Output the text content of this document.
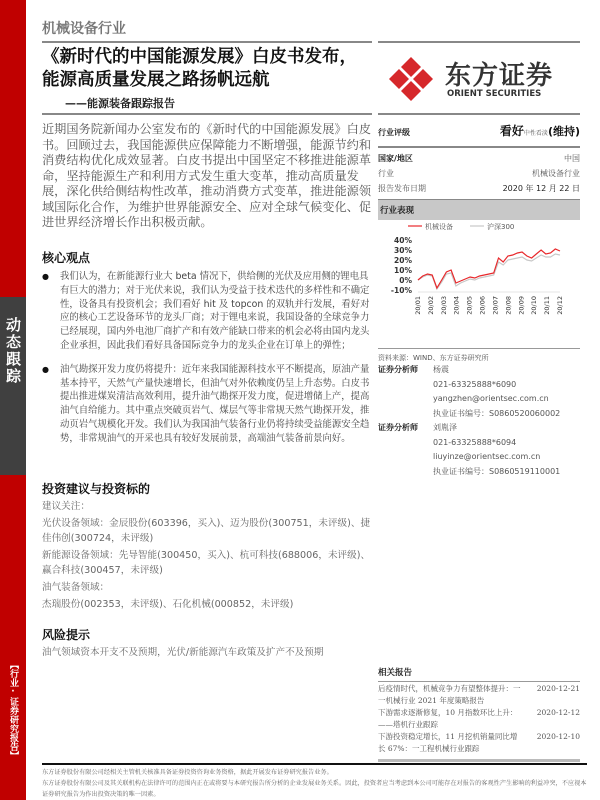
动态跟踪
【行业·证券研究报告】
机械设备行业
《新时代的中国能源发展》白皮书发布，
能源高质量发展之路扬帆远航
——能源装备跟踪报告
东方证券
ORIENT SECURITIES
近期国务院新闻办公室发布的《新时代的中国能源发展》白皮书。回顾过去，我国能源供应保障能力不断增强，能源节约和消费结构优化成效显著。白皮书提出中国坚定不移推进能源革命，坚持能源生产和利用方式发生重大变革，推动高质量发展，深化供给侧结构性改革，推动消费方式变革，推进能源领域国际化合作，为维护世界能源安全、应对全球气候变化、促进世界经济增长作出积极贡献。
核心观点
● 我们认为，在新能源行业大 beta 情况下，供给侧的光伏及应用侧的锂电具有巨大的潜力；对于光伏来说，我们认为受益于技术迭代的多样性和不确定性，设备具有投资机会；我们看好 hit 及 topcon 的双轨并行发展，看好对应的核心工艺设备环节的龙头厂商；对于锂电来说，我国设备的全球竞争力已经展现，国内外电池厂商扩产和有效产能缺口带来的机会必将由国内龙头企业承担，因此我们看好具备国际竞争力的龙头企业在订单上的弹性；
● 油气勘探开发力度仍将提升：近年来我国能源科技水平不断提高，原油产量基本持平，天然气产量快速增长，但油气对外依赖度仍呈上升态势。白皮书提出推进煤炭清洁高效利用，提升油气勘探开发力度，促进增储上产，提高油气自给能力。其中重点突破页岩气、煤层气等非常规天然气勘探开发，推动页岩气规模化开发。我们认为我国油气装备行业仍将持续受益能源安全趋势，非常规油气的开采也具有较好发展前景，高端油气装备前景向好。
投资建议与投资标的
建议关注：
光伏设备领域：金辰股份(603396，买入)、迈为股份(300751，未评级)、捷佳伟创(300724，未评级)
新能源设备领域：先导智能(300450，买入)、杭可科技(688006，未评级)、赢合科技(300457，未评级)
油气装备领域：
杰瑞股份(002353，未评级)、石化机械(000852，未评级)
风险提示
油气领域资本开支不及预期，光伏/新能源汽车政策及扩产不及预期
行业评级	看好中性看淡(维持)
国家/地区	中国
行业	机械设备行业
报告发布日期	2020 年 12 月 22 日
行业表现
机械设备	沪深300
40%
30%
20%
10%
0%
-10%
20/01 20/02 20/03 20/04 20/05 20/06 20/07 20/08 20/09 20/10 20/11 20/12
资料来源：WIND、东方证券研究所
证券分析师	杨震
021-63325888*6090
yangzhen@orientsec.com.cn
执业证书编号：S0860520060002
证券分析师	刘胤泽
021-63325888*6094
liuyinze@orientsec.com.cn
执业证书编号：S0860519110001
相关报告
后疫情时代，机械竞争力有望整体提升：一 2020-12-21
一机械行业 2021 年度策略报告
下游需求逐渐修复，10 月指数环比上升：	2020-12-12
——塔机行业跟踪
下游投资稳定增长，11 月挖机销量同比增	2020-12-10
长 67%：一工程机械行业跟踪
东方证券股份有限公司经相关主管机关核准具备证券投资咨询业务资格，据此开展发布证券研究报告业务。
东方证券股份有限公司及其关联机构在法律许可的范围内正在或将要与本研究报告所分析的企业发展业务关系。因此，投资者应当考虑到本公司可能存在对报告的客观性产生影响的利益冲突，不应视本证券研究报告为作出投资决策的唯一因素。
